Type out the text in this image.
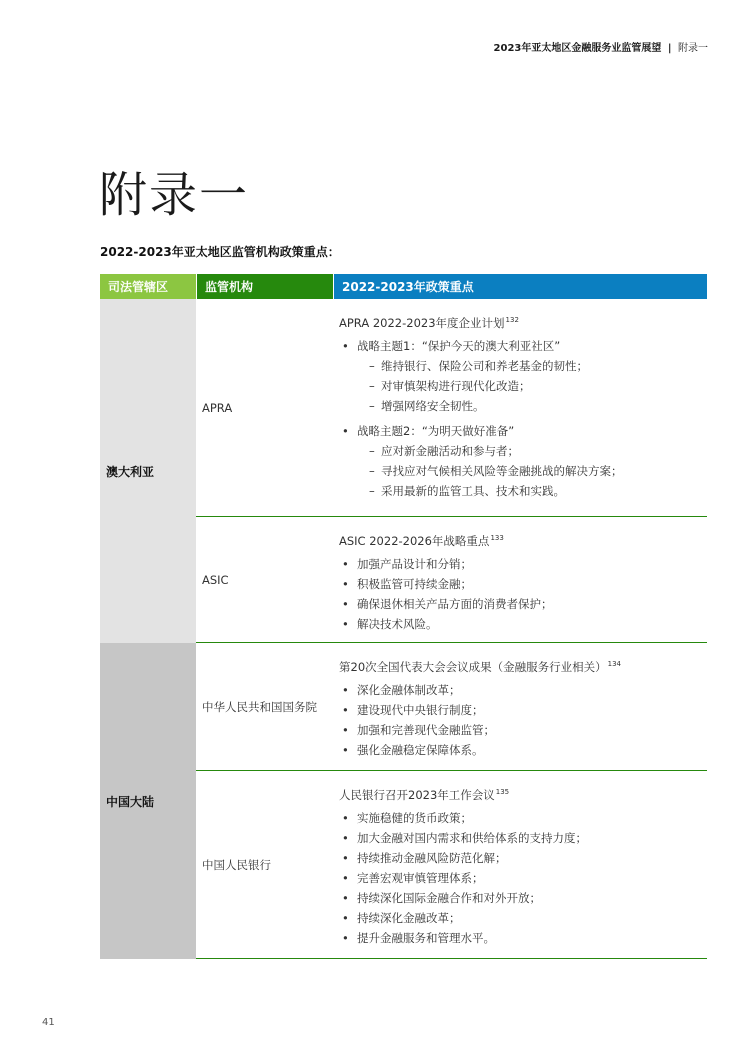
2023年亚太地区金融服务业监管展望 | 附录一
附录一
2022-2023年亚太地区监管机构政策重点：
司法管辖区	监管机构	2022-2023年政策重点
澳大利亚
APRA
APRA 2022-2023年度企业计划$^{132}$
• 战略主题1：“保护今天的澳大利亚社区”
– 维持银行、保险公司和养老基金的韧性；
– 对审慎架构进行现代化改造；
– 增强网络安全韧性。
• 战略主题2：“为明天做好准备”
– 应对新金融活动和参与者；
– 寻找应对气候相关风险等金融挑战的解决方案；
– 采用最新的监管工具、技术和实践。
ASIC
ASIC 2022-2026年战略重点$^{133}$
• 加强产品设计和分销；
• 积极监管可持续金融；
• 确保退休相关产品方面的消费者保护；
• 解决技术风险。
中国大陆
中华人民共和国国务院
第20次全国代表大会会议成果（金融服务行业相关）$^{134}$
• 深化金融体制改革；
• 建设现代中央银行制度；
• 加强和完善现代金融监管；
• 强化金融稳定保障体系。
中国人民银行
人民银行召开2023年工作会议$^{135}$
• 实施稳健的货币政策；
• 加大金融对国内需求和供给体系的支持力度；
• 持续推动金融风险防范化解；
• 完善宏观审慎管理体系；
• 持续深化国际金融合作和对外开放；
• 持续深化金融改革；
• 提升金融服务和管理水平。
41
